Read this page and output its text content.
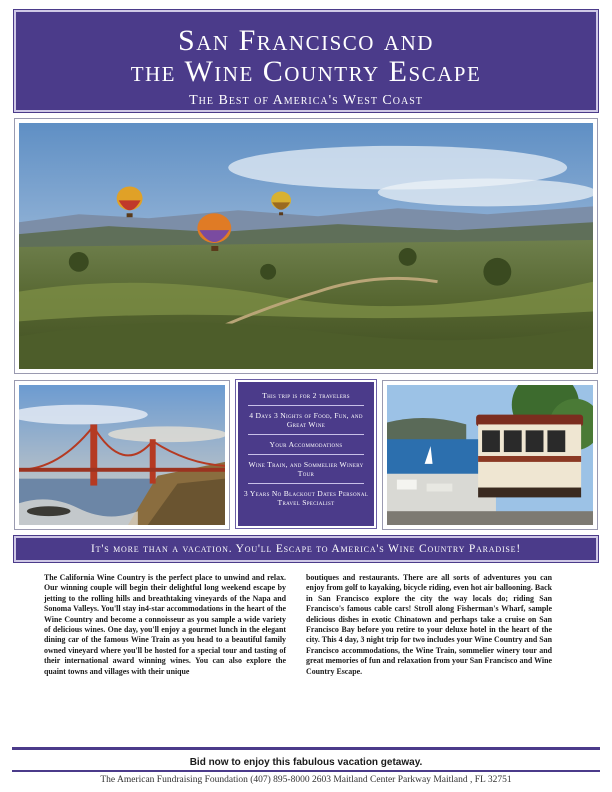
San Francisco and
the Wine Country Escape
The Best of America's West Coast
This trip is for 2 travelers
4 Days 3 Nights of Food, Fun, and Great Wine
Your Accommodations
Wine Train, and Sommelier Winery Tour
3 Years No Blackout Dates Personal Travel Specialist
It's more than a vacation. You'll Escape to America's Wine Country Paradise!
The California Wine Country is the perfect place to unwind and relax. Our winning couple will begin their delightful long weekend escape by jetting to the rolling hills and breathtaking vineyards of the Napa and Sonoma Valleys. You'll stay in4-star accommodations in the heart of the Wine Country and become a connoisseur as you sample a wide variety of delicious wines. One day, you'll enjoy a gourmet lunch in the elegant dining car of the famous Wine Train as you head to a beautiful family owned vineyard where you'll be hosted for a special tour and tasting of their international award winning wines. You can also explore the quaint towns and villages with their unique
boutiques and restaurants. There are all sorts of adventures you can enjoy from golf to kayaking, bicycle riding, even hot air ballooning. Back in San Francisco explore the city the way locals do; riding San Francisco's famous cable cars! Stroll along Fisherman's Wharf, sample delicious dishes in exotic Chinatown and perhaps take a cruise on San Francisco Bay before you retire to your deluxe hotel in the heart of the city. This 4 day, 3 night trip for two includes your Wine Country and San Francisco accommodations, the Wine Train, sommelier winery tour and great memories of fun and relaxation from your San Francisco and Wine Country Escape.
Bid now to enjoy this fabulous vacation getaway.
The American Fundraising Foundation (407) 895-8000 2603 Maitland Center Parkway Maitland , FL 32751
